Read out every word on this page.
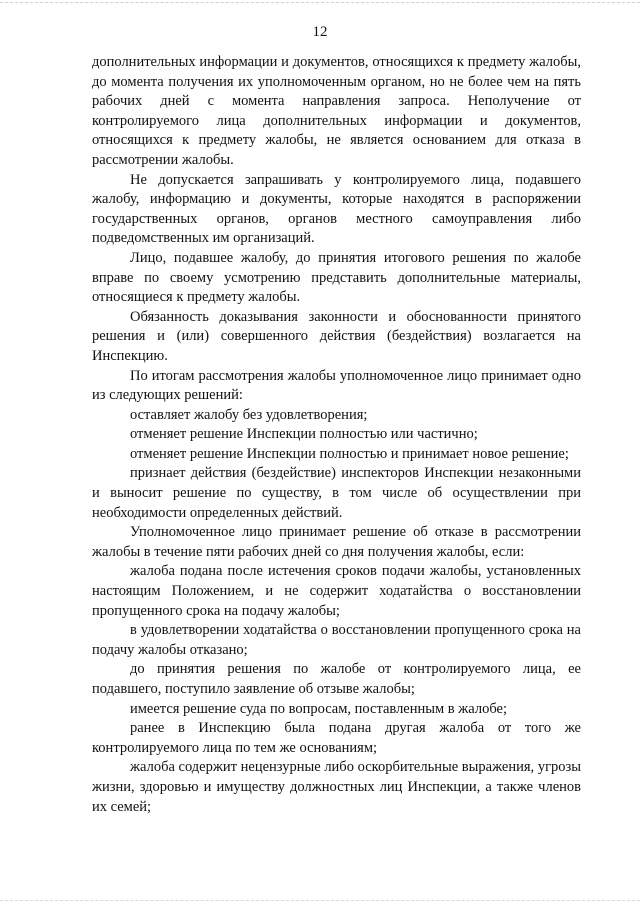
12

дополнительных информации и документов, относящихся к предмету жалобы, до момента получения их уполномоченным органом, но не более чем на пять рабочих дней с момента направления запроса. Неполучение от контролируемого лица дополнительных информации и документов, относящихся к предмету жалобы, не является основанием для отказа в рассмотрении жалобы.

Не допускается запрашивать у контролируемого лица, подавшего жалобу, информацию и документы, которые находятся в распоряжении государственных органов, органов местного самоуправления либо подведомственных им организаций.

Лицо, подавшее жалобу, до принятия итогового решения по жалобе вправе по своему усмотрению представить дополнительные материалы, относящиеся к предмету жалобы.

Обязанность доказывания законности и обоснованности принятого решения и (или) совершенного действия (бездействия) возлагается на Инспекцию.

По итогам рассмотрения жалобы уполномоченное лицо принимает одно из следующих решений:

оставляет жалобу без удовлетворения;

отменяет решение Инспекции полностью или частично;

отменяет решение Инспекции полностью и принимает новое решение;

признает действия (бездействие) инспекторов Инспекции незаконными и выносит решение по существу, в том числе об осуществлении при необходимости определенных действий.

Уполномоченное лицо принимает решение об отказе в рассмотрении жалобы в течение пяти рабочих дней со дня получения жалобы, если:

жалоба подана после истечения сроков подачи жалобы, установленных настоящим Положением, и не содержит ходатайства о восстановлении пропущенного срока на подачу жалобы;

в удовлетворении ходатайства о восстановлении пропущенного срока на подачу жалобы отказано;

до принятия решения по жалобе от контролируемого лица, ее подавшего, поступило заявление об отзыве жалобы;

имеется решение суда по вопросам, поставленным в жалобе;

ранее в Инспекцию была подана другая жалоба от того же контролируемого лица по тем же основаниям;

жалоба содержит нецензурные либо оскорбительные выражения, угрозы жизни, здоровью и имуществу должностных лиц Инспекции, а также членов их семей;
